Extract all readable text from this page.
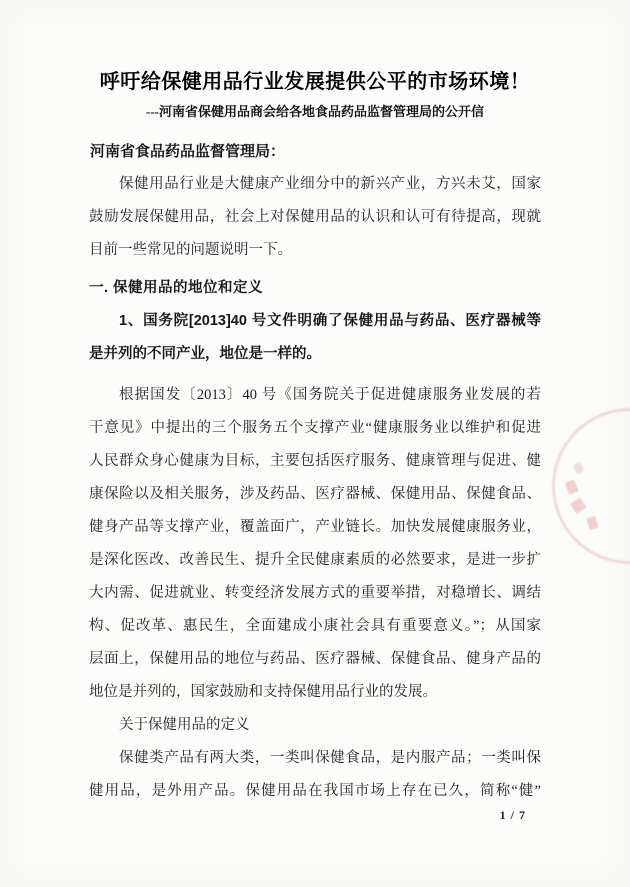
呼吁给保健用品行业发展提供公平的市场环境！
---河南省保健用品商会给各地食品药品监督管理局的公开信
河南省食品药品监督管理局：
保健用品行业是大健康产业细分中的新兴产业，方兴未艾，国家
鼓励发展保健用品，社会上对保健用品的认识和认可有待提高，现就
目前一些常见的问题说明一下。
一. 保健用品的地位和定义
1、国务院[2013]40 号文件明确了保健用品与药品、医疗器械等
是并列的不同产业，地位是一样的。
根据国发〔2013〕40 号《国务院关于促进健康服务业发展的若
干意见》中提出的三个服务五个支撑产业“健康服务业以维护和促进
人民群众身心健康为目标，主要包括医疗服务、健康管理与促进、健
康保险以及相关服务，涉及药品、医疗器械、保健用品、保健食品、
健身产品等支撑产业，覆盖面广，产业链长。加快发展健康服务业，
是深化医改、改善民生、提升全民健康素质的必然要求，是进一步扩
大内需、促进就业、转变经济发展方式的重要举措，对稳增长、调结
构、促改革、惠民生，全面建成小康社会具有重要意义。”；从国家
层面上，保健用品的地位与药品、医疗器械、保健食品、健身产品的
地位是并列的，国家鼓励和支持保健用品行业的发展。
关于保健用品的定义
保健类产品有两大类，一类叫保健食品，是内服产品；一类叫保
健用品，是外用产品。保健用品在我国市场上存在已久，简称“健”
1 / 7
